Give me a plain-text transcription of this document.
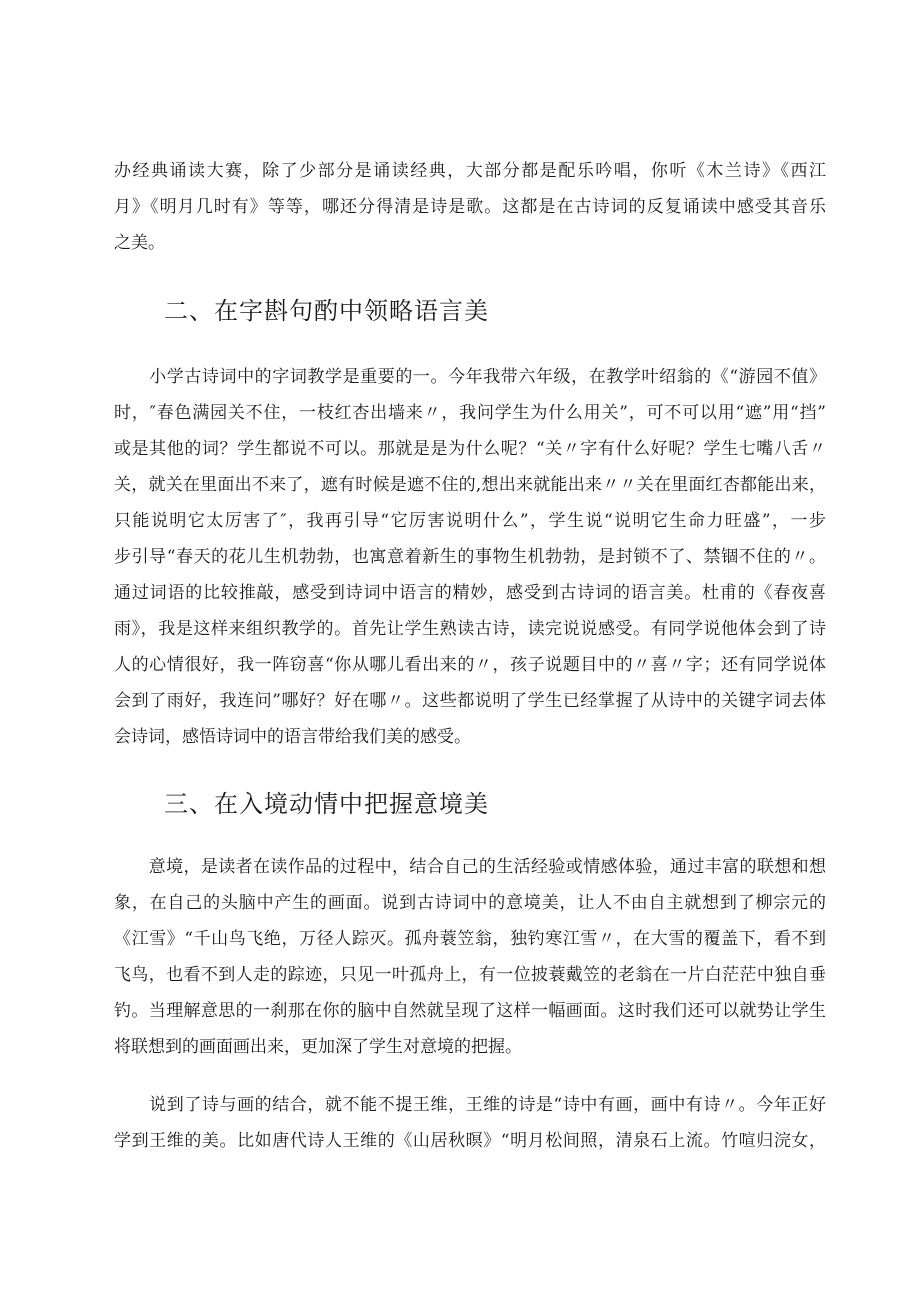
办经典诵读大赛，除了少部分是诵读经典，大部分都是配乐吟唱，你听《木兰诗》《西江
月》《明月几时有》等等，哪还分得清是诗是歌。这都是在古诗词的反复诵读中感受其音乐
之美。
二、在字斟句酌中领略语言美
　　小学古诗词中的字词教学是重要的一。今年我带六年级，在教学叶绍翁的《“游园不值》
时，″春色满园关不住，一枝红杏出墙来〃，我问学生为什么用关”，可不可以用“遮”用“挡”
或是其他的词？学生都说不可以。那就是是为什么呢？“关〃字有什么好呢？学生七嘴八舌〃
关，就关在里面出不来了，遮有时候是遮不住的,想出来就能出来〃〃关在里面红杏都能出来，
只能说明它太厉害了″，我再引导“它厉害说明什么”，学生说“说明它生命力旺盛”，一步
步引导“春天的花儿生机勃勃，也寓意着新生的事物生机勃勃，是封锁不了、禁锢不住的〃。
通过词语的比较推敲，感受到诗词中语言的精妙，感受到古诗词的语言美。杜甫的《春夜喜
雨》，我是这样来组织教学的。首先让学生熟读古诗，读完说说感受。有同学说他体会到了诗
人的心情很好，我一阵窃喜“你从哪儿看出来的〃，孩子说题目中的〃喜〃字；还有同学说体
会到了雨好，我连问”哪好？好在哪〃。这些都说明了学生已经掌握了从诗中的关键字词去体
会诗词，感悟诗词中的语言带给我们美的感受。
三、在入境动情中把握意境美
　　意境，是读者在读作品的过程中，结合自己的生活经验或情感体验，通过丰富的联想和想
象，在自己的头脑中产生的画面。说到古诗词中的意境美，让人不由自主就想到了柳宗元的
《江雪》“千山鸟飞绝，万径人踪灭。孤舟蓑笠翁，独钓寒江雪〃，在大雪的覆盖下，看不到
飞鸟，也看不到人走的踪迹，只见一叶孤舟上，有一位披蓑戴笠的老翁在一片白茫茫中独自垂
钓。当理解意思的一刹那在你的脑中自然就呈现了这样一幅画面。这时我们还可以就势让学生
将联想到的画面画出来，更加深了学生对意境的把握。
　　说到了诗与画的结合，就不能不提王维，王维的诗是“诗中有画，画中有诗〃。今年正好
学到王维的美。比如唐代诗人王维的《山居秋暝》“明月松间照，清泉石上流。竹喧归浣女，
